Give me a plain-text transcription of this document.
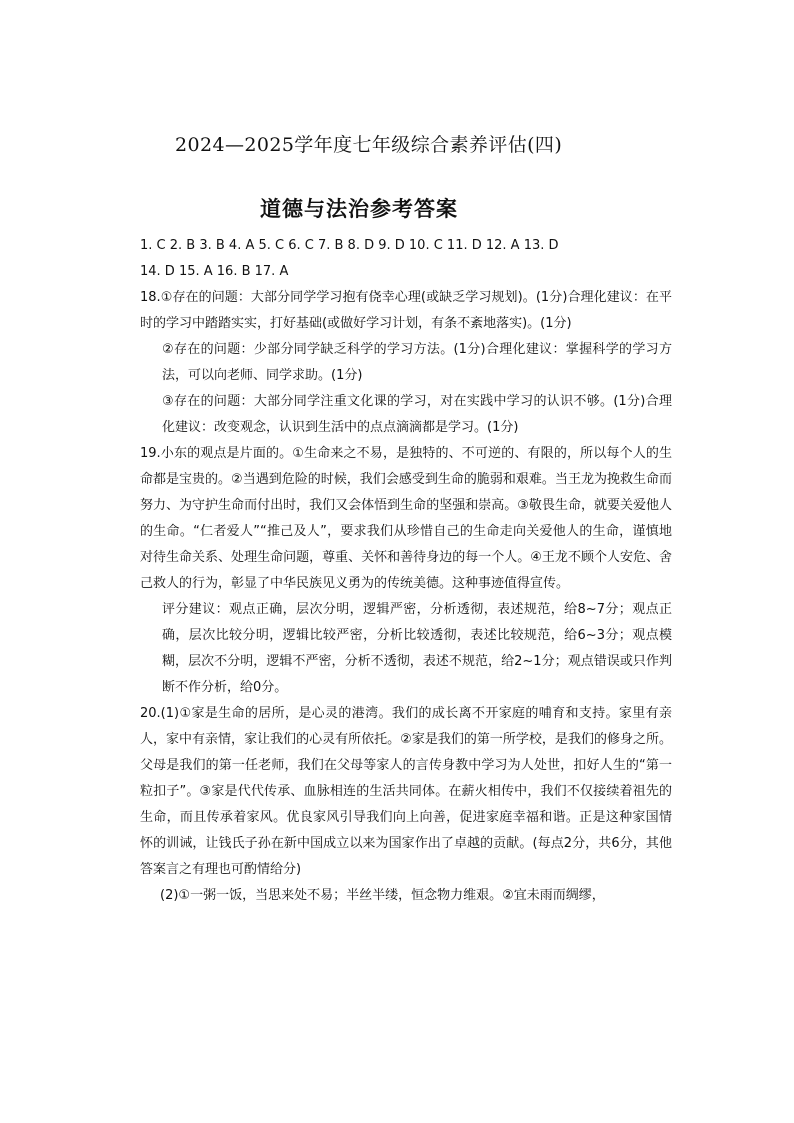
2024—2025学年度七年级综合素养评估(四)
道德与法治参考答案

1. C 2. B 3. B 4. A 5. C 6. C 7. B 8. D 9. D 10. C 11. D 12. A 13. D

14. D 15. A 16. B 17. A

18.①存在的问题：大部分同学学习抱有侥幸心理(或缺乏学习规划)。(1分)合理化建议：在平时的学习中踏踏实实，打好基础(或做好学习计划，有条不紊地落实)。(1分)

②存在的问题：少部分同学缺乏科学的学习方法。(1分)合理化建议：掌握科学的学习方法，可以向老师、同学求助。(1分)

③存在的问题：大部分同学注重文化课的学习，对在实践中学习的认识不够。(1分)合理化建议：改变观念，认识到生活中的点点滴滴都是学习。(1分)

19.小东的观点是片面的。①生命来之不易，是独特的、不可逆的、有限的，所以每个人的生命都是宝贵的。②当遇到危险的时候，我们会感受到生命的脆弱和艰难。当王龙为挽救生命而努力、为守护生命而付出时，我们又会体悟到生命的坚强和崇高。③敬畏生命，就要关爱他人的生命。“仁者爱人”“推己及人”，要求我们从珍惜自己的生命走向关爱他人的生命，谨慎地对待生命关系、处理生命问题，尊重、关怀和善待身边的每一个人。④王龙不顾个人安危、舍己救人的行为，彰显了中华民族见义勇为的传统美德。这种事迹值得宣传。

评分建议：观点正确，层次分明，逻辑严密，分析透彻，表述规范，给8~7分；观点正确，层次比较分明，逻辑比较严密，分析比较透彻，表述比较规范，给6~3分；观点模糊，层次不分明，逻辑不严密，分析不透彻，表述不规范，给2~1分；观点错误或只作判断不作分析，给0分。

20.(1)①家是生命的居所，是心灵的港湾。我们的成长离不开家庭的哺育和支持。家里有亲人，家中有亲情，家让我们的心灵有所依托。②家是我们的第一所学校，是我们的修身之所。父母是我们的第一任老师，我们在父母等家人的言传身教中学习为人处世，扣好人生的“第一粒扣子”。③家是代代传承、血脉相连的生活共同体。在薪火相传中，我们不仅接续着祖先的生命，而且传承着家风。优良家风引导我们向上向善，促进家庭幸福和谐。正是这种家国情怀的训诫，让钱氏子孙在新中国成立以来为国家作出了卓越的贡献。(每点2分，共6分，其他答案言之有理也可酌情给分)

(2)①一粥一饭，当思来处不易；半丝半缕，恒念物力维艰。②宜未雨而绸缪，
